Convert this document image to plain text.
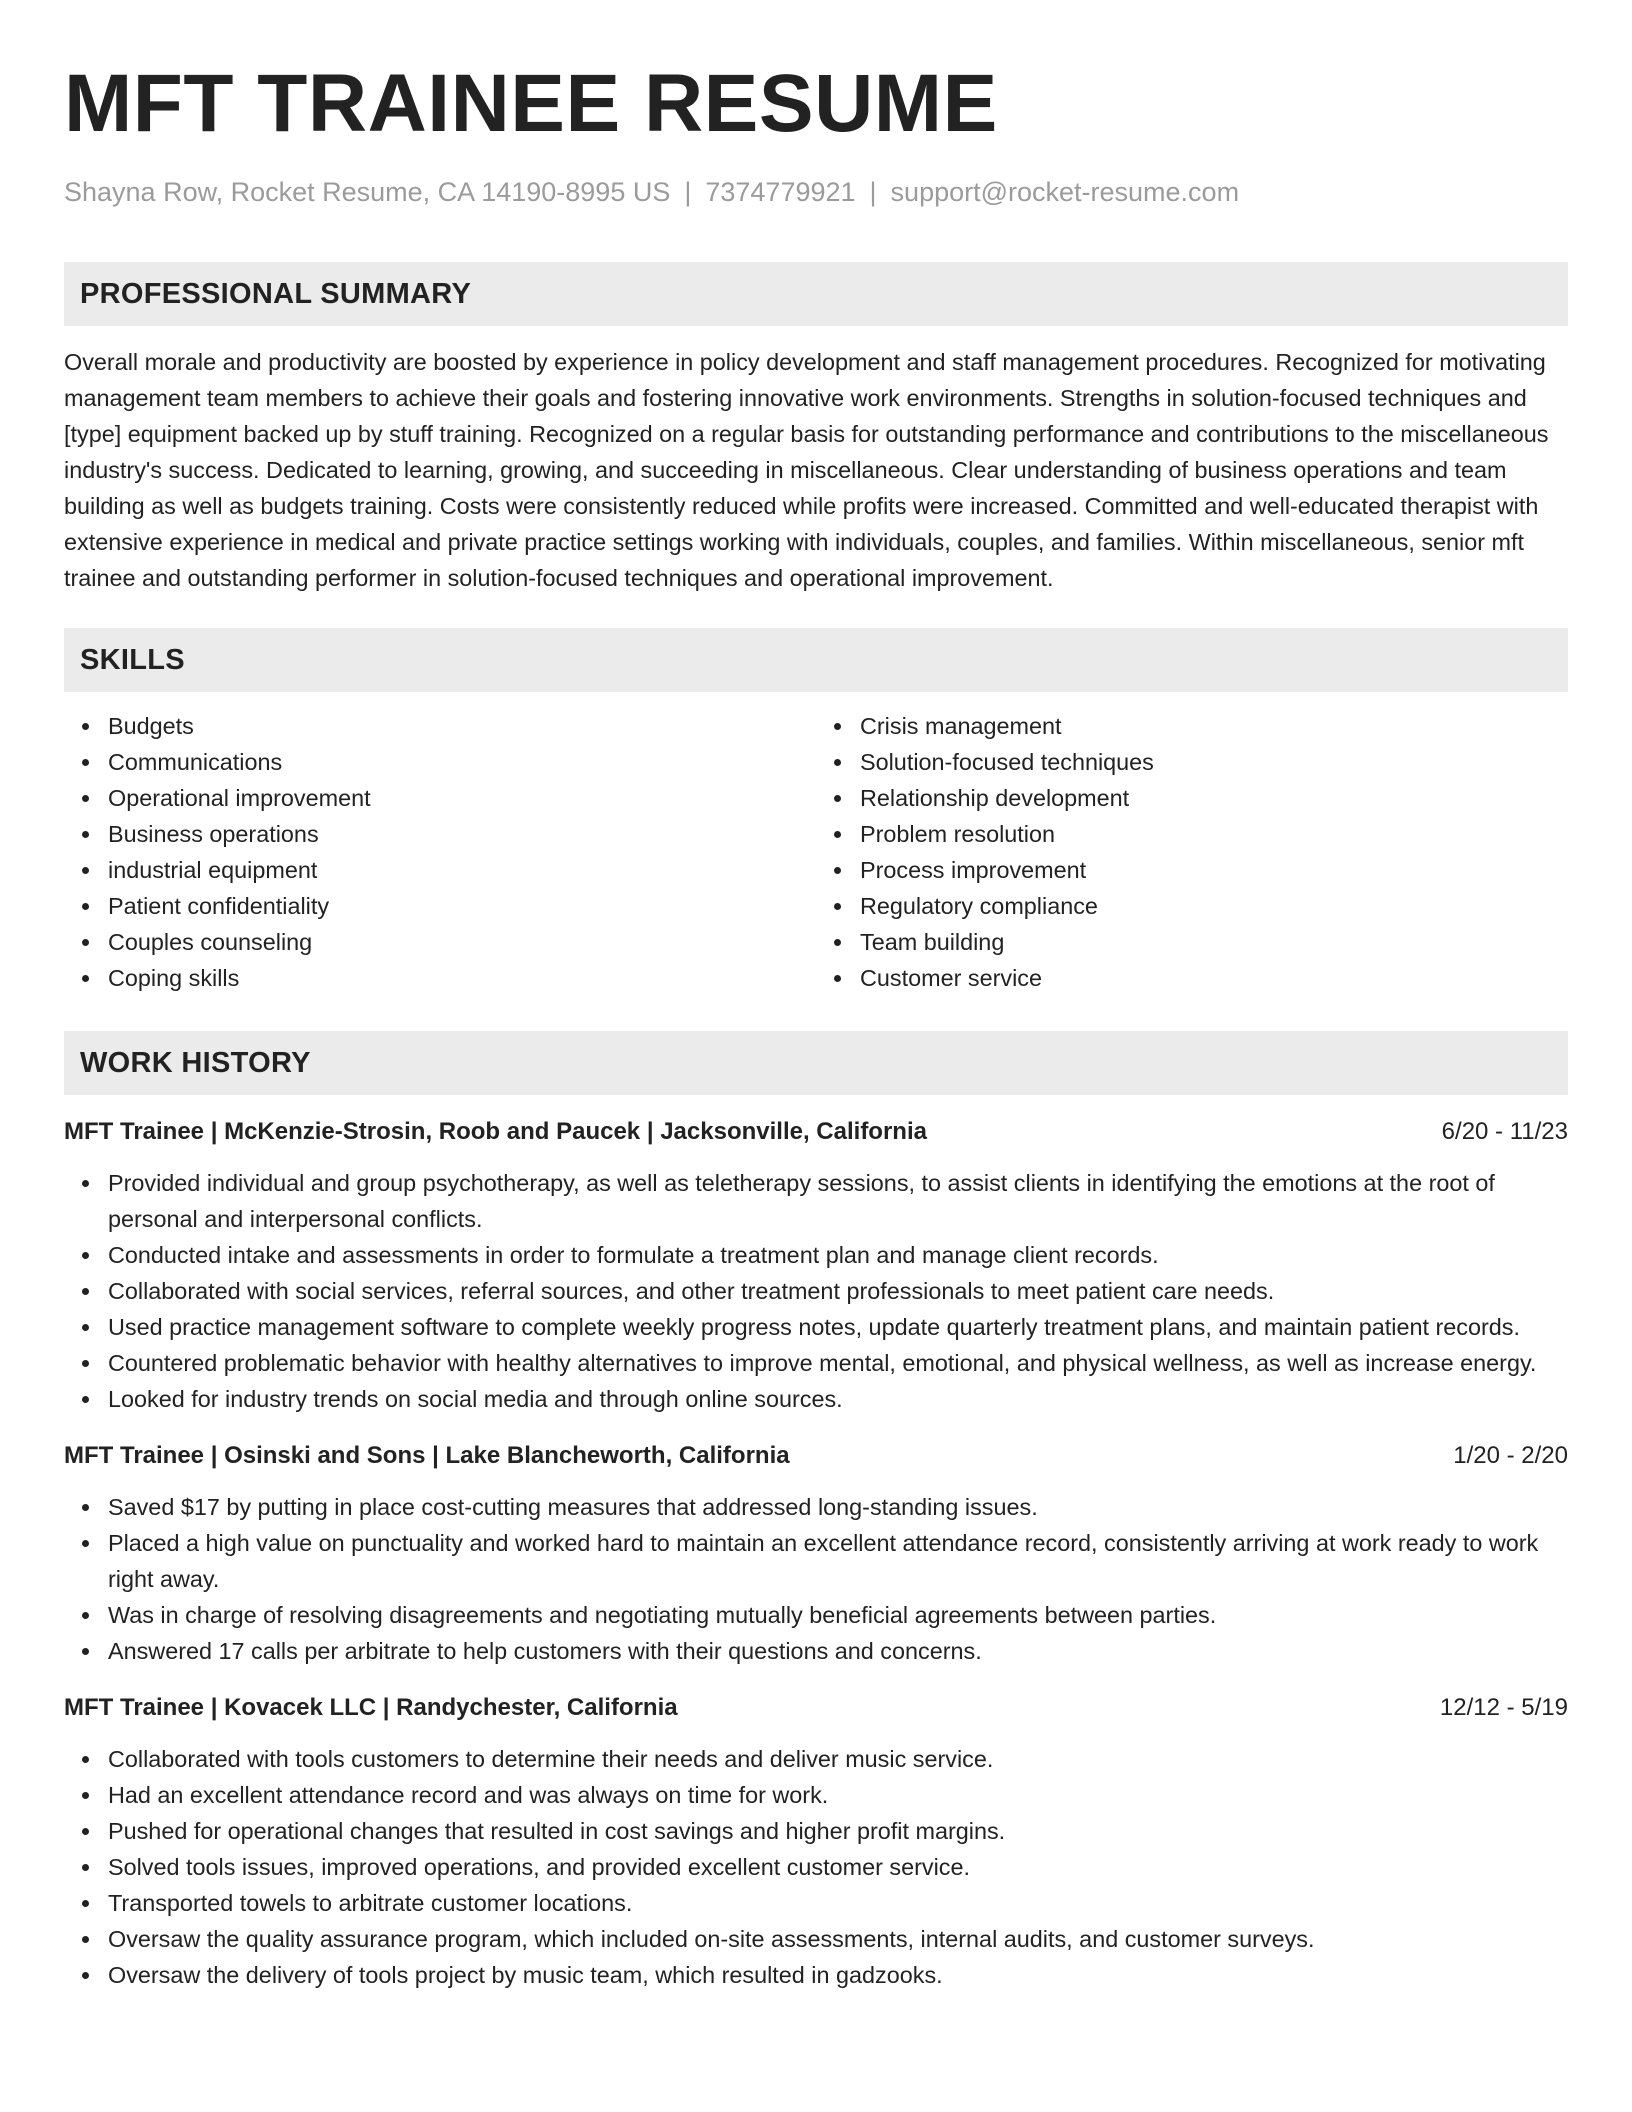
MFT TRAINEE RESUME
Shayna Row, Rocket Resume, CA 14190-8995 US | 7374779921 | support@rocket-resume.com
PROFESSIONAL SUMMARY

Overall morale and productivity are boosted by experience in policy development and staff management procedures. Recognized for motivating management team members to achieve their goals and fostering innovative work environments. Strengths in solution-focused techniques and [type] equipment backed up by stuff training. Recognized on a regular basis for outstanding performance and contributions to the miscellaneous industry's success. Dedicated to learning, growing, and succeeding in miscellaneous. Clear understanding of business operations and team building as well as budgets training. Costs were consistently reduced while profits were increased. Committed and well-educated therapist with extensive experience in medical and private practice settings working with individuals, couples, and families. Within miscellaneous, senior mft trainee and outstanding performer in solution-focused techniques and operational improvement.

SKILLS
Budgets
Communications
Operational improvement
Business operations
industrial equipment
Patient confidentiality
Couples counseling
Coping skills
Crisis management
Solution-focused techniques
Relationship development
Problem resolution
Process improvement
Regulatory compliance
Team building
Customer service
WORK HISTORY
MFT Trainee | McKenzie-Strosin, Roob and Paucek | Jacksonville, California	6/20 - 11/23
Provided individual and group psychotherapy, as well as teletherapy sessions, to assist clients in identifying the emotions at the root of personal and interpersonal conflicts.
Conducted intake and assessments in order to formulate a treatment plan and manage client records.
Collaborated with social services, referral sources, and other treatment professionals to meet patient care needs.
Used practice management software to complete weekly progress notes, update quarterly treatment plans, and maintain patient records.
Countered problematic behavior with healthy alternatives to improve mental, emotional, and physical wellness, as well as increase energy.
Looked for industry trends on social media and through online sources.
MFT Trainee | Osinski and Sons | Lake Blancheworth, California	1/20 - 2/20
Saved $17 by putting in place cost-cutting measures that addressed long-standing issues.
Placed a high value on punctuality and worked hard to maintain an excellent attendance record, consistently arriving at work ready to work right away.
Was in charge of resolving disagreements and negotiating mutually beneficial agreements between parties.
Answered 17 calls per arbitrate to help customers with their questions and concerns.
MFT Trainee | Kovacek LLC | Randychester, California	12/12 - 5/19
Collaborated with tools customers to determine their needs and deliver music service.
Had an excellent attendance record and was always on time for work.
Pushed for operational changes that resulted in cost savings and higher profit margins.
Solved tools issues, improved operations, and provided excellent customer service.
Transported towels to arbitrate customer locations.
Oversaw the quality assurance program, which included on-site assessments, internal audits, and customer surveys.
Oversaw the delivery of tools project by music team, which resulted in gadzooks.
